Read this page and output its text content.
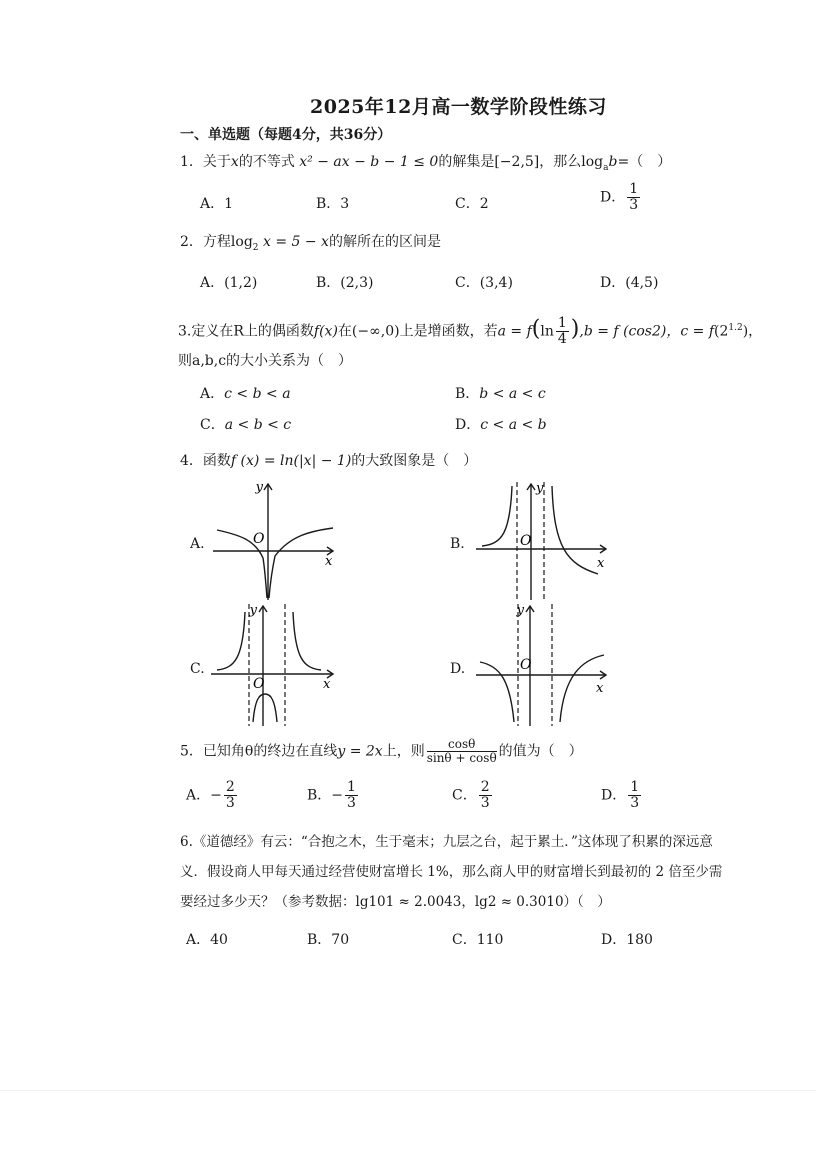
2025年12月高一数学阶段性练习
一、单选题（每题4分，共36分）
1．关于x的不等式 x² − ax − b − 1 ≤ 0的解集是[−2,5]，那么$\log_ab=$（　）
A．1	B．3	C．2	D． $\frac{1}{3}$
2．方程$\log_2 x = 5 - x$的解所在的区间是
A．(1,2)	B．(2,3)	C．(3,4)	D．(4,5)
3.定义在R上的偶函数f(x)在(−∞,0)上是增函数，若$a = f(\ln \frac{1}{4} ),b = f$ (cos2)，$c = f(2^{1.2})$，
则a,b,c的大小关系为（　）
A．c < b < a	B．b < a < c
C．a < b < c	D．c < a < b
4．函数f (x) = ln(|x| − 1)的大致图象是（　）
A.
y
O
x
B.
y
O
x
C.
y
O	x
D.
y
O
x
5．已知角θ的终边在直线y = 2x上，则 $\frac{\cos\theta}{\sin\theta + \cos\theta}$ 的值为（　）
A．− $\frac{2}{3}$	B．− $\frac{1}{3}$	C． $\frac{2}{3}$	D． $\frac{1}{3}$
6.《道德经》有云：“合抱之木，生于毫末；九层之台，起于累土．”这体现了积累的深远意
义．假设商人甲每天通过经营使财富增长 1%，那么商人甲的财富增长到最初的 2 倍至少需
要经过多少天？（参考数据：lg101 ≈ 2.0043，lg2 ≈ 0.3010）（　）
A．40	B．70	C．110	D．180
